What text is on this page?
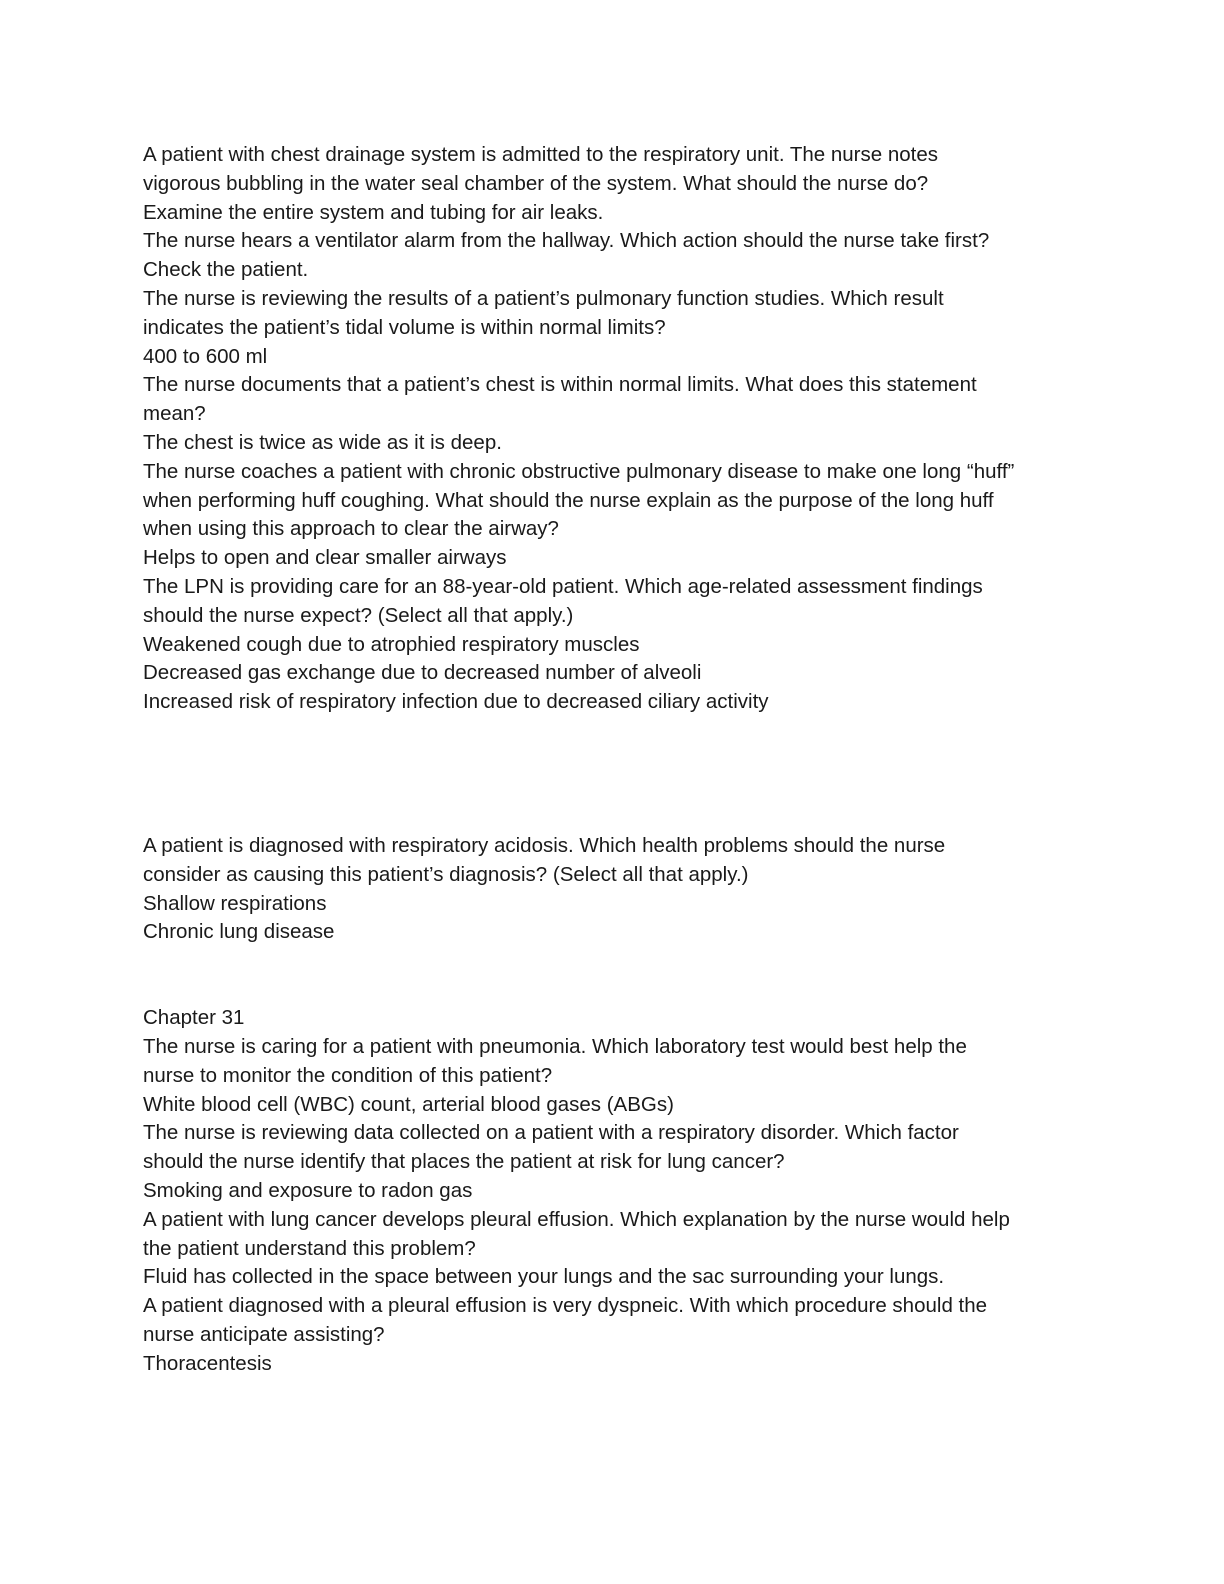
A patient with chest drainage system is admitted to the respiratory unit. The nurse notes
vigorous bubbling in the water seal chamber of the system. What should the nurse do?
Examine the entire system and tubing for air leaks.
The nurse hears a ventilator alarm from the hallway. Which action should the nurse take first?
Check the patient.
The nurse is reviewing the results of a patient’s pulmonary function studies. Which result
indicates the patient’s tidal volume is within normal limits?
400 to 600 ml
The nurse documents that a patient’s chest is within normal limits. What does this statement
mean?
The chest is twice as wide as it is deep.
The nurse coaches a patient with chronic obstructive pulmonary disease to make one long “huff”
when performing huff coughing. What should the nurse explain as the purpose of the long huff
when using this approach to clear the airway?
Helps to open and clear smaller airways
The LPN is providing care for an 88-year-old patient. Which age-related assessment findings
should the nurse expect? (Select all that apply.)
Weakened cough due to atrophied respiratory muscles
Decreased gas exchange due to decreased number of alveoli
Increased risk of respiratory infection due to decreased ciliary activity
A patient is diagnosed with respiratory acidosis. Which health problems should the nurse
consider as causing this patient’s diagnosis? (Select all that apply.)
Shallow respirations
Chronic lung disease
Chapter 31
The nurse is caring for a patient with pneumonia. Which laboratory test would best help the
nurse to monitor the condition of this patient?
White blood cell (WBC) count, arterial blood gases (ABGs)
The nurse is reviewing data collected on a patient with a respiratory disorder. Which factor
should the nurse identify that places the patient at risk for lung cancer?
Smoking and exposure to radon gas
A patient with lung cancer develops pleural effusion. Which explanation by the nurse would help
the patient understand this problem?
Fluid has collected in the space between your lungs and the sac surrounding your lungs.
A patient diagnosed with a pleural effusion is very dyspneic. With which procedure should the
nurse anticipate assisting?
Thoracentesis
